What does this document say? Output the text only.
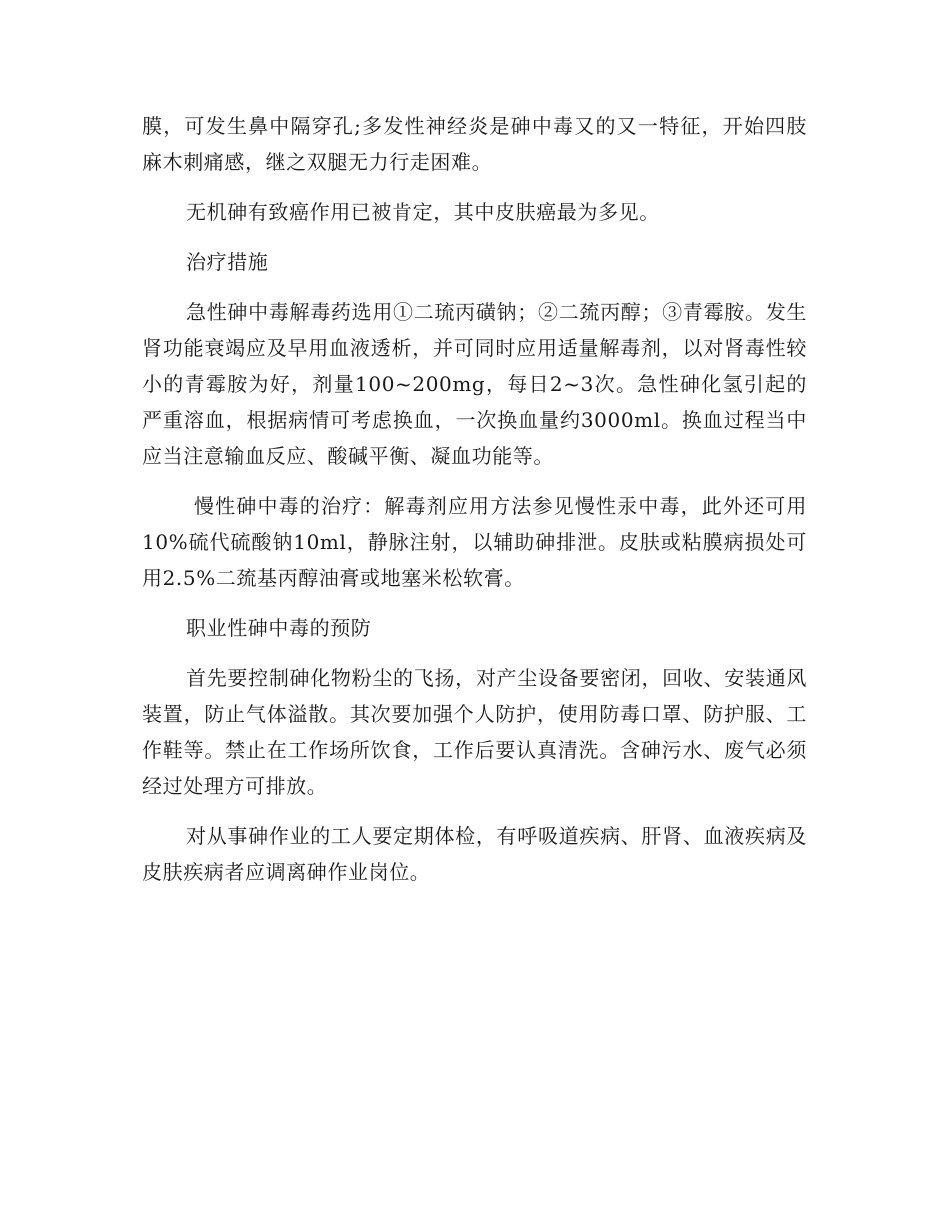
膜，可发生鼻中隔穿孔;多发性神经炎是砷中毒又的又一特征，开始四肢麻木刺痛感，继之双腿无力行走困难。

无机砷有致癌作用已被肯定，其中皮肤癌最为多见。

治疗措施

急性砷中毒解毒药选用①二琉丙磺钠；②二巯丙醇；③青霉胺。发生肾功能衰竭应及早用血液透析，并可同时应用适量解毒剂，以对肾毒性较小的青霉胺为好，剂量100~200mg，每日2~3次。急性砷化氢引起的严重溶血，根据病情可考虑换血，一次换血量约3000ml。换血过程当中应当注意输血反应、酸碱平衡、凝血功能等。

慢性砷中毒的治疗：解毒剂应用方法参见慢性汞中毒，此外还可用10%硫代硫酸钠10ml，静脉注射，以辅助砷排泄。皮肤或粘膜病损处可用2.5%二巯基丙醇油膏或地塞米松软膏。

职业性砷中毒的预防

首先要控制砷化物粉尘的飞扬，对产尘设备要密闭，回收、安装通风装置，防止气体溢散。其次要加强个人防护，使用防毒口罩、防护服、工作鞋等。禁止在工作场所饮食，工作后要认真清洗。含砷污水、废气必须经过处理方可排放。

对从事砷作业的工人要定期体检，有呼吸道疾病、肝肾、血液疾病及皮肤疾病者应调离砷作业岗位。
